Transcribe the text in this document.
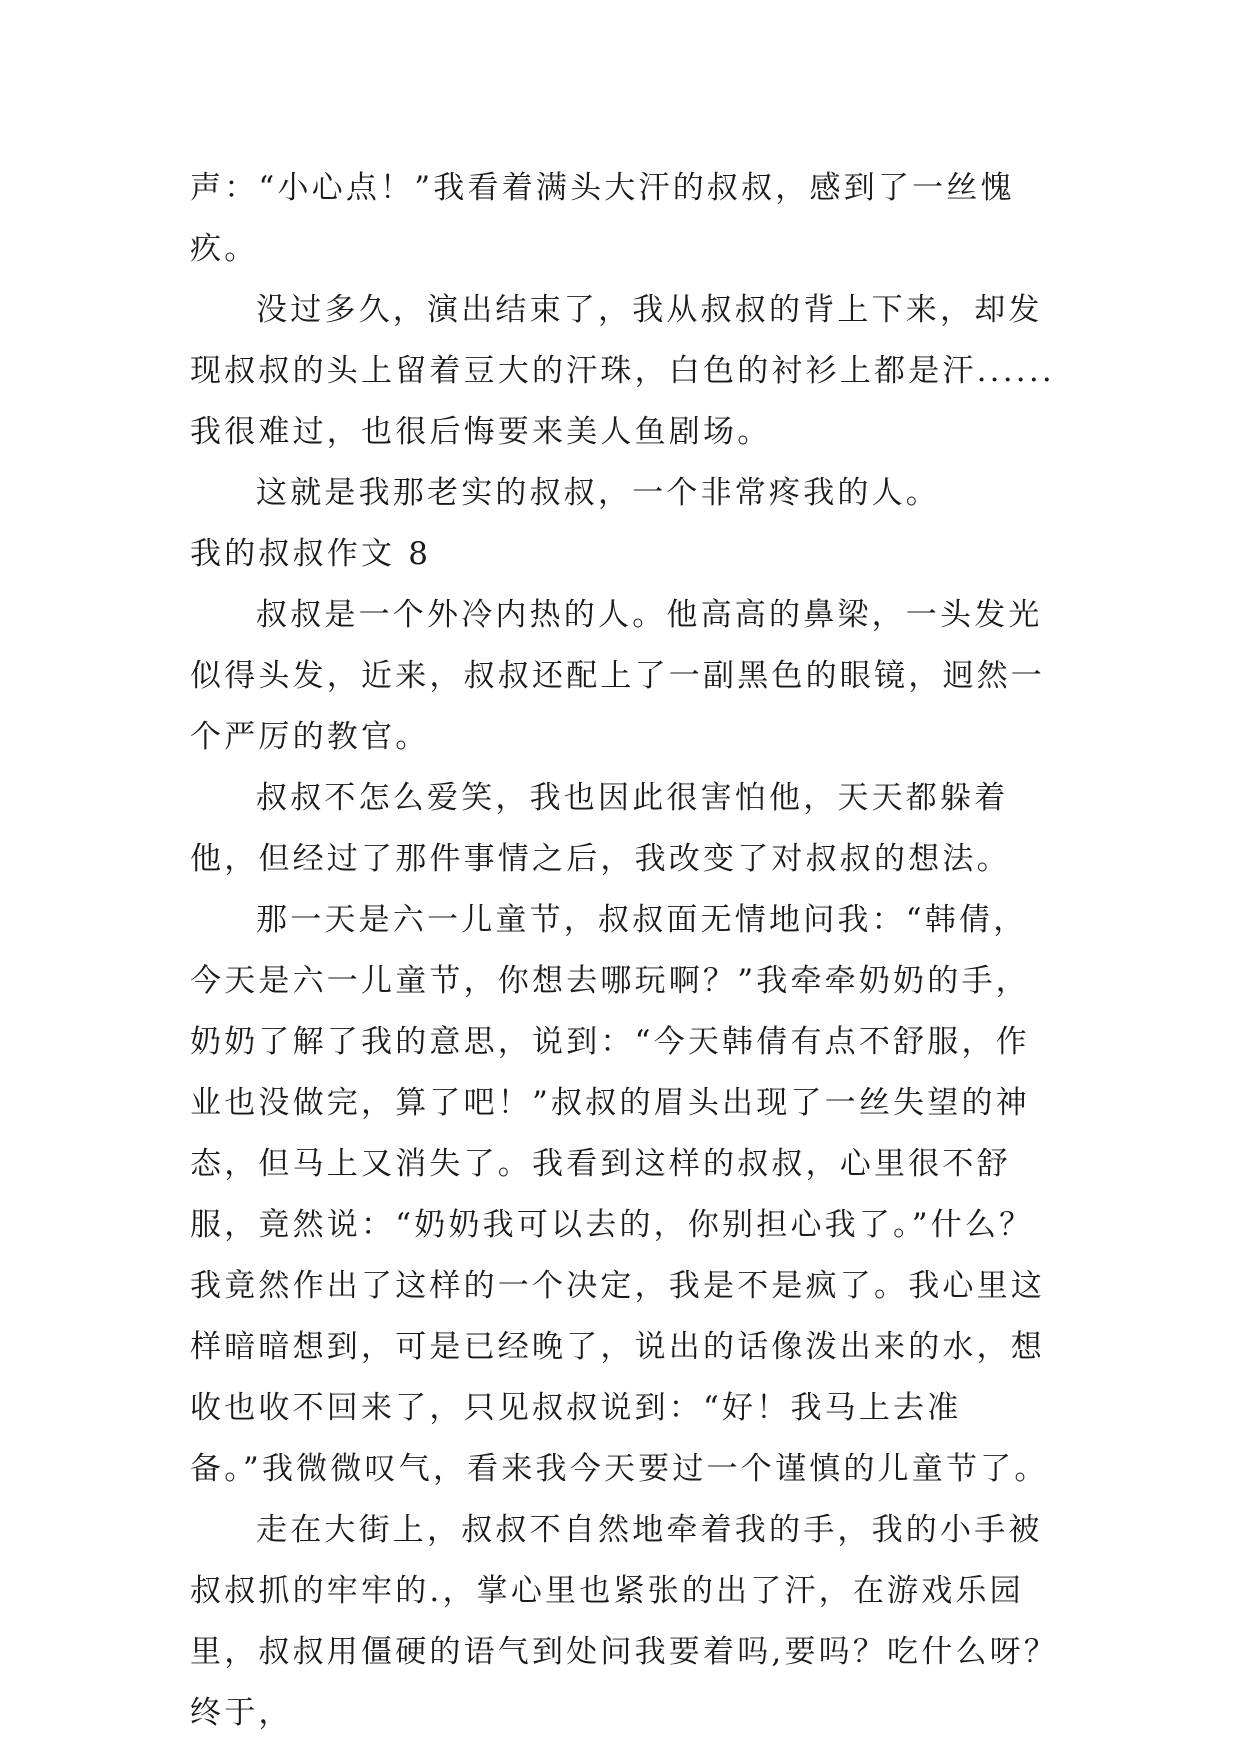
声：“小心点！”我看着满头大汗的叔叔，感到了一丝愧疚。

没过多久，演出结束了，我从叔叔的背上下来，却发现叔叔的头上留着豆大的汗珠，白色的衬衫上都是汗......我很难过，也很后悔要来美人鱼剧场。

这就是我那老实的叔叔，一个非常疼我的人。

我的叔叔作文 8

叔叔是一个外冷内热的人。他高高的鼻梁，一头发光似得头发，近来，叔叔还配上了一副黑色的眼镜，迥然一个严厉的教官。

叔叔不怎么爱笑，我也因此很害怕他，天天都躲着他，但经过了那件事情之后，我改变了对叔叔的想法。

那一天是六一儿童节，叔叔面无情地问我：“韩倩，今天是六一儿童节，你想去哪玩啊？”我牵牵奶奶的手，奶奶了解了我的意思，说到：“今天韩倩有点不舒服，作业也没做完，算了吧！”叔叔的眉头出现了一丝失望的神态，但马上又消失了。我看到这样的叔叔，心里很不舒服，竟然说：“奶奶我可以去的，你别担心我了。”什么？我竟然作出了这样的一个决定，我是不是疯了。我心里这样暗暗想到，可是已经晚了，说出的话像泼出来的水，想收也收不回来了，只见叔叔说到：“好！我马上去准备。”我微微叹气，看来我今天要过一个谨慎的儿童节了。

走在大街上，叔叔不自然地牵着我的手，我的小手被叔叔抓的牢牢的.，掌心里也紧张的出了汗，在游戏乐园里，叔叔用僵硬的语气到处问我要着吗,要吗？吃什么呀？终于，
